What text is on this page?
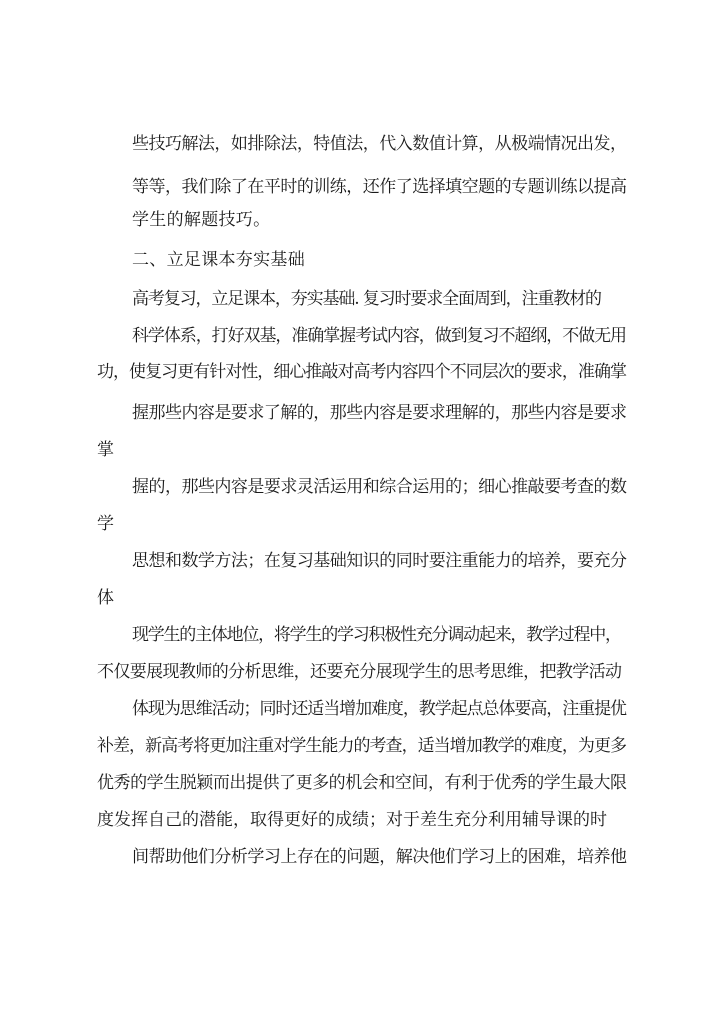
些技巧解法，如排除法，特值法，代入数值计算，从极端情况出发，
等等，我们除了在平时的训练，还作了选择填空题的专题训练以提高
学生的解题技巧。
二、立足课本夯实基础
高考复习，立足课本，夯实基础. 复习时要求全面周到，注重教材的
科学体系，打好双基，准确掌握考试内容，做到复习不超纲，不做无用
功，使复习更有针对性，细心推敲对高考内容四个不同层次的要求，准确掌
握那些内容是要求了解的，那些内容是要求理解的，那些内容是要求
掌
握的，那些内容是要求灵活运用和综合运用的；细心推敲要考查的数
学
思想和数学方法；在复习基础知识的同时要注重能力的培养，要充分
体
现学生的主体地位，将学生的学习积极性充分调动起来，教学过程中，
不仅要展现教师的分析思维，还要充分展现学生的思考思维，把教学活动
体现为思维活动；同时还适当增加难度，教学起点总体要高，注重提优
补差，新高考将更加注重对学生能力的考查，适当增加教学的难度，为更多
优秀的学生脱颖而出提供了更多的机会和空间，有利于优秀的学生最大限
度发挥自己的潜能，取得更好的成绩；对于差生充分利用辅导课的时
间帮助他们分析学习上存在的问题，解决他们学习上的困难，培养他
